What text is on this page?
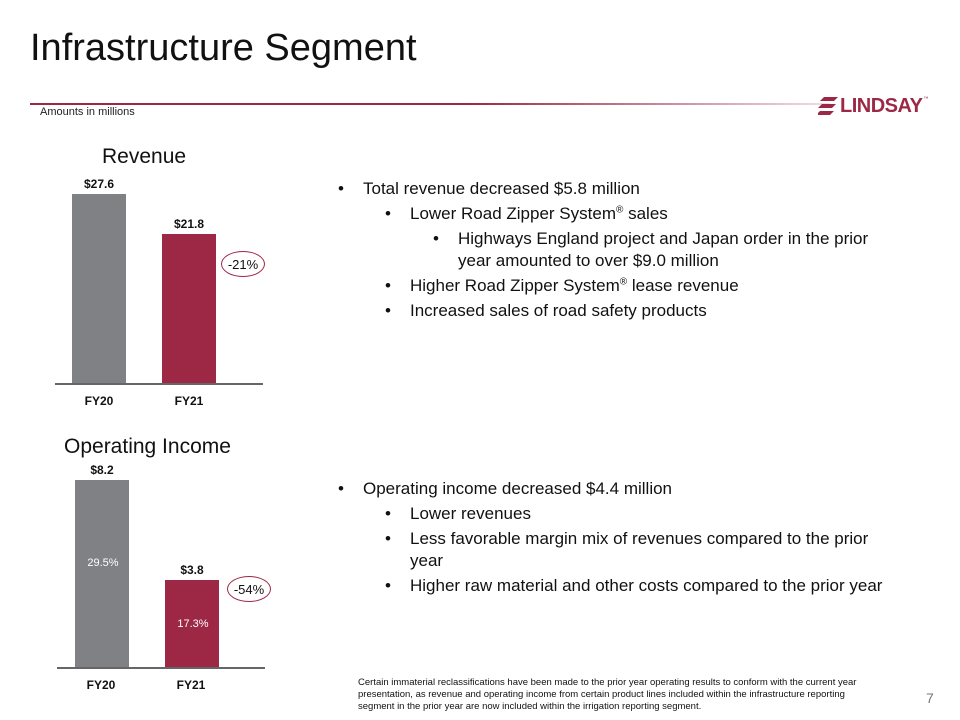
Infrastructure Segment
Amounts in millions	LINDSAY ™
Revenue
$27.6
$21.8
FY20	FY21
-21%
Operating Income
$8.2
$3.8
29.5%
17.3%
FY20	FY21
-54%
• Total revenue decreased $5.8 million
• Lower Road Zipper System® sales
• Highways England project and Japan order in the prior year amounted to over $9.0 million
• Higher Road Zipper System® lease revenue
• Increased sales of road safety products
• Operating income decreased $4.4 million
• Lower revenues
• Less favorable margin mix of revenues compared to the prior year
• Higher raw material and other costs compared to the prior year
Certain immaterial reclassifications have been made to the prior year operating results to conform with the current year presentation, as revenue and operating income from certain product lines included within the infrastructure reporting segment in the prior year are now included within the irrigation reporting segment.
7
